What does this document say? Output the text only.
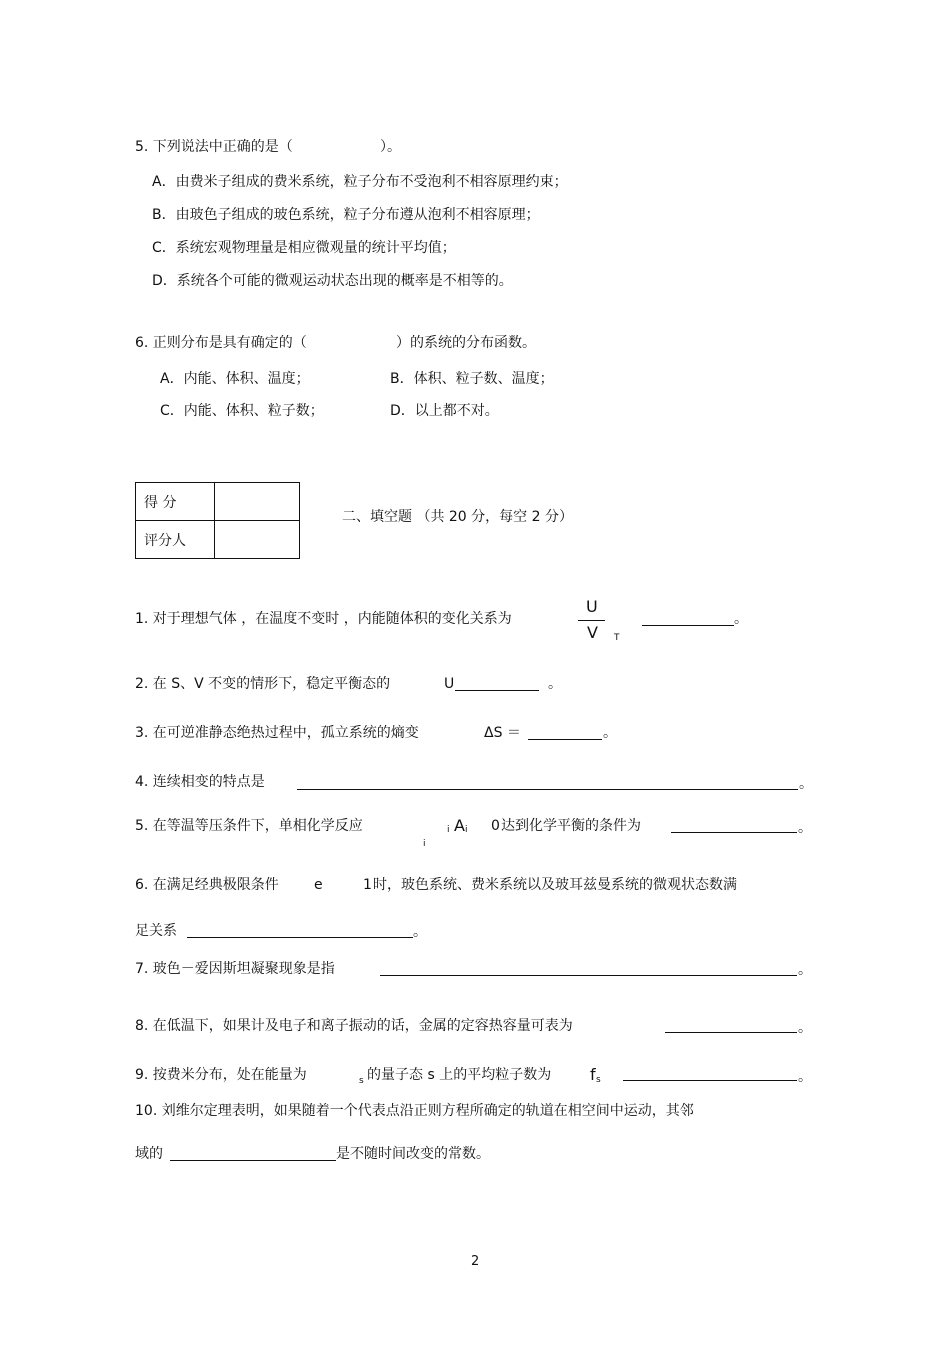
5. 下列说法中正确的是（	）。
A．由费米子组成的费米系统，粒子分布不受泡利不相容原理约束；
B．由玻色子组成的玻色系统，粒子分布遵从泡利不相容原理；
C．系统宏观物理量是相应微观量的统计平均值；
D．系统各个可能的微观运动状态出现的概率是不相等的。
6. 正则分布是具有确定的（	）的系统的分布函数。
A．内能、体积、温度；	B．体积、粒子数、温度；
C．内能、体积、粒子数；	D．以上都不对。
得 分	
评分人	
二、填空题 （共 20 分，每空 2 分）
1. 对于理想气体 ，在温度不变时 ，内能随体积的变化关系为
U
V T
。
2. 在 S、V 不变的情形下，稳定平衡态的	U	。
3. 在可逆准静态绝热过程中，孤立系统的熵变	ΔS ＝	。
4. 连续相变的特点是	。
5. 在等温等压条件下，单相化学反应	i A i
i
0 达到化学平衡的条件为	。
6. 在满足经典极限条件	e	1 时，玻色系统、费米系统以及玻耳兹曼系统的微观状态数满
足关系	。
7. 玻色－爱因斯坦凝聚现象是指	。
8. 在低温下，如果计及电子和离子振动的话，金属的定容热容量可表为	。
9. 按费米分布，处在能量为	s 的量子态 s 上的平均粒子数为 f s	。
10. 刘维尔定理表明，如果随着一个代表点沿正则方程所确定的轨道在相空间中运动，其邻
域的	是不随时间改变的常数。
2
